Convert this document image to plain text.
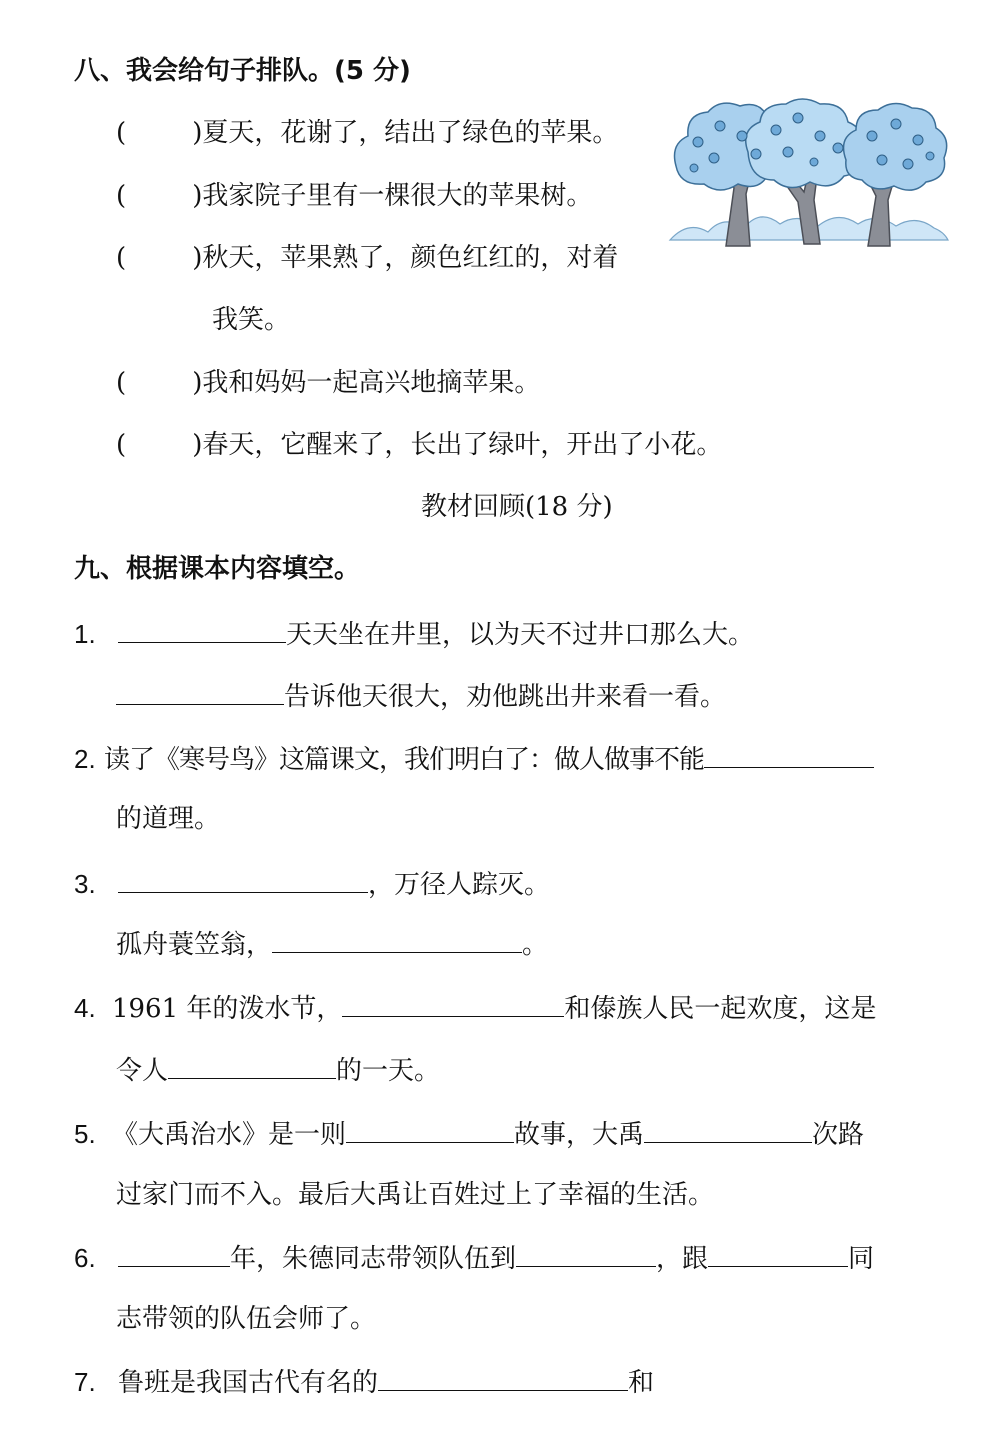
八、我会给句子排队。(5 分)
(        )夏天，花谢了，结出了绿色的苹果。
(        )我家院子里有一棵很大的苹果树。
(        )秋天，苹果熟了，颜色红红的，对着
我笑。
(        )我和妈妈一起高兴地摘苹果。
(        )春天，它醒来了，长出了绿叶，开出了小花。
教材回顾(18 分)
九、根据课本内容填空。
1.	天天坐在井里，以为天不过井口那么大。
告诉他天很大，劝他跳出井来看一看。
2. 读了《寒号鸟》这篇课文，我们明白了：做人做事不能
的道理。
3.	，万径人踪灭。
孤舟蓑笠翁，	。
4. 1961 年的泼水节，	和傣族人民一起欢度，这是
令人	的一天。
5. 《大禹治水》是一则	故事，大禹	次路
过家门而不入。最后大禹让百姓过上了幸福的生活。
6.	年，朱德同志带领队伍到	，跟	同
志带领的队伍会师了。
7. 鲁班是我国古代有名的	和
